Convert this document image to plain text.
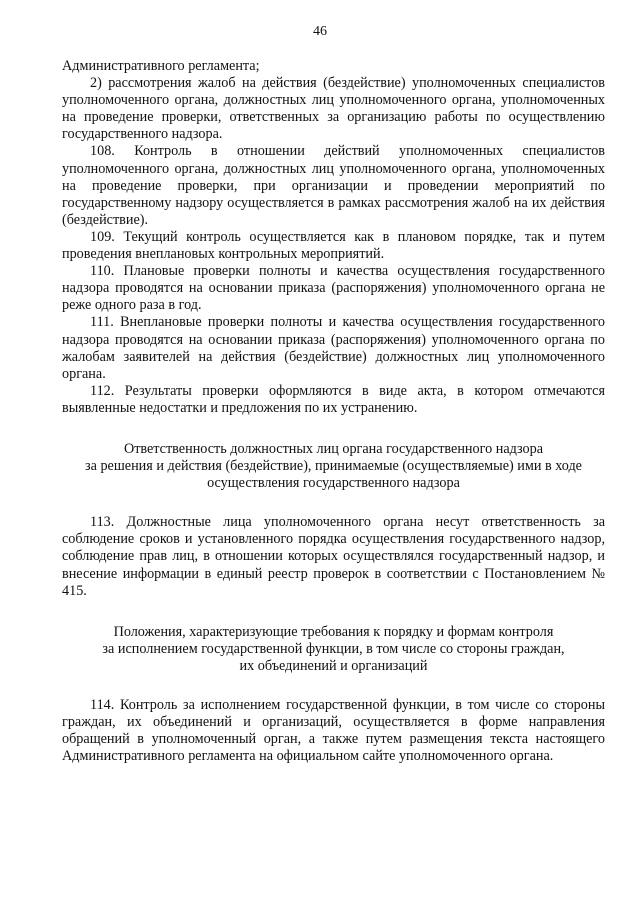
46

Административного регламента;

2) рассмотрения жалоб на действия (бездействие) уполномоченных специалистов уполномоченного органа, должностных лиц уполномоченного органа, уполномоченных на проведение проверки, ответственных за организацию работы по осуществлению государственного надзора.

108. Контроль в отношении действий уполномоченных специалистов уполномоченного органа, должностных лиц уполномоченного органа, уполномоченных на проведение проверки, при организации и проведении мероприятий по государственному надзору осуществляется в рамках рассмотрения жалоб на их действия (бездействие).

109. Текущий контроль осуществляется как в плановом порядке, так и путем проведения внеплановых контрольных мероприятий.

110. Плановые проверки полноты и качества осуществления государственного надзора проводятся на основании приказа (распоряжения) уполномоченного органа не реже одного раза в год.

111. Внеплановые проверки полноты и качества осуществления государственного надзора проводятся на основании приказа (распоряжения) уполномоченного органа по жалобам заявителей на действия (бездействие) должностных лиц уполномоченного органа.

112. Результаты проверки оформляются в виде акта, в котором отмечаются выявленные недостатки и предложения по их устранению.

Ответственность должностных лиц органа государственного надзора

за решения и действия (бездействие), принимаемые (осуществляемые) ими в ходе

осуществления государственного надзора

113. Должностные лица уполномоченного органа несут ответственность за соблюдение сроков и установленного порядка осуществления государственного надзор, соблюдение прав лиц, в отношении которых осуществлялся государственный надзор, и внесение информации в единый реестр проверок в соответствии с Постановлением № 415.

Положения, характеризующие требования к порядку и формам контроля

за исполнением государственной функции, в том числе со стороны граждан,

их объединений и организаций

114. Контроль за исполнением государственной функции, в том числе со стороны граждан, их объединений и организаций, осуществляется в форме направления обращений в уполномоченный орган, а также путем размещения текста настоящего Административного регламента на официальном сайте уполномоченного органа.
